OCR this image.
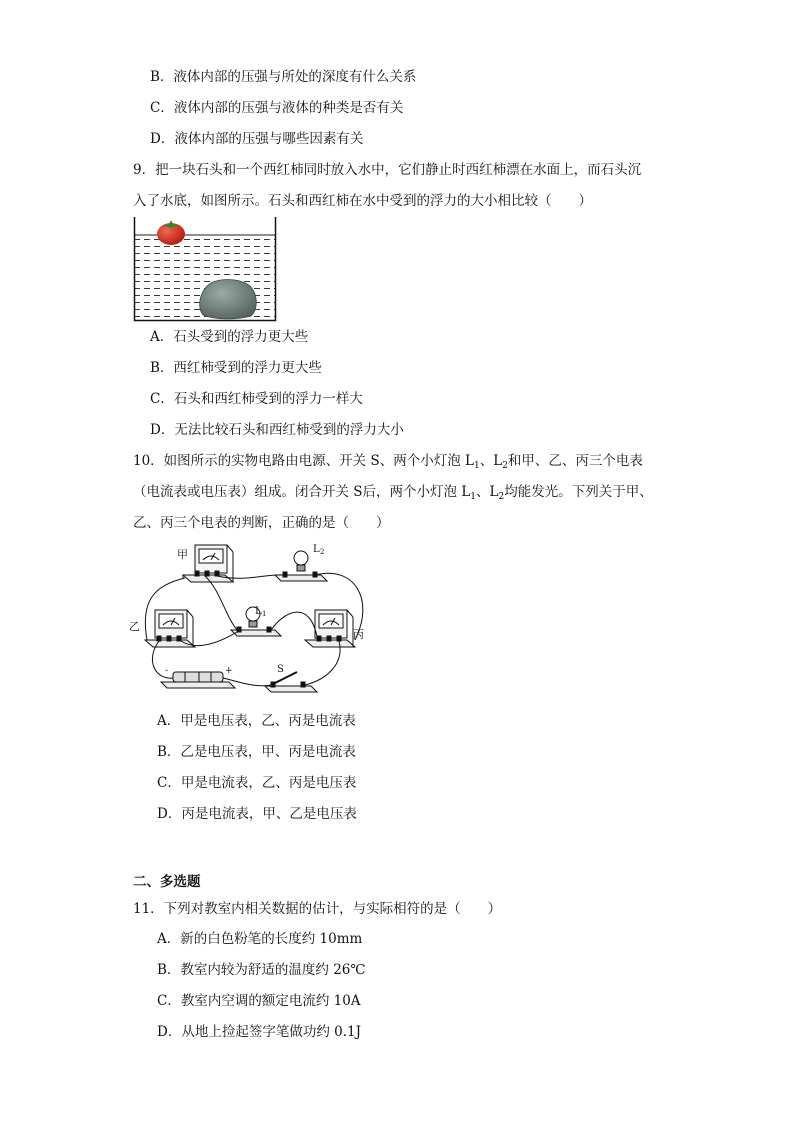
B．液体内部的压强与所处的深度有什么关系
C．液体内部的压强与液体的种类是否有关
D．液体内部的压强与哪些因素有关
9．把一块石头和一个西红柿同时放入水中，它们静止时西红柿漂在水面上，而石头沉
入了水底，如图所示。石头和西红柿在水中受到的浮力的大小相比较（　　）
A．石头受到的浮力更大些
B．西红柿受到的浮力更大些
C．石头和西红柿受到的浮力一样大
D．无法比较石头和西红柿受到的浮力大小
10．如图所示的实物电路由电源、开关 S、两个小灯泡 $L_1$、$L_2$和甲、乙、丙三个电表
（电流表或电压表）组成。闭合开关 S后，两个小灯泡 $L_1$、$L_2$均能发光。下列关于甲、
乙、丙三个电表的判断，正确的是（　　）
甲	L 2
乙
L 1
丙
S
+
-
A．甲是电压表，乙、丙是电流表
B．乙是电压表，甲、丙是电流表
C．甲是电流表，乙、丙是电压表
D．丙是电流表，甲、乙是电压表
二、多选题
11．下列对教室内相关数据的估计，与实际相符的是（　　）
A．新的白色粉笔的长度约 10mm
B．教室内较为舒适的温度约 26℃
C．教室内空调的额定电流约 10A
D．从地上捡起签字笔做功约 0.1J
